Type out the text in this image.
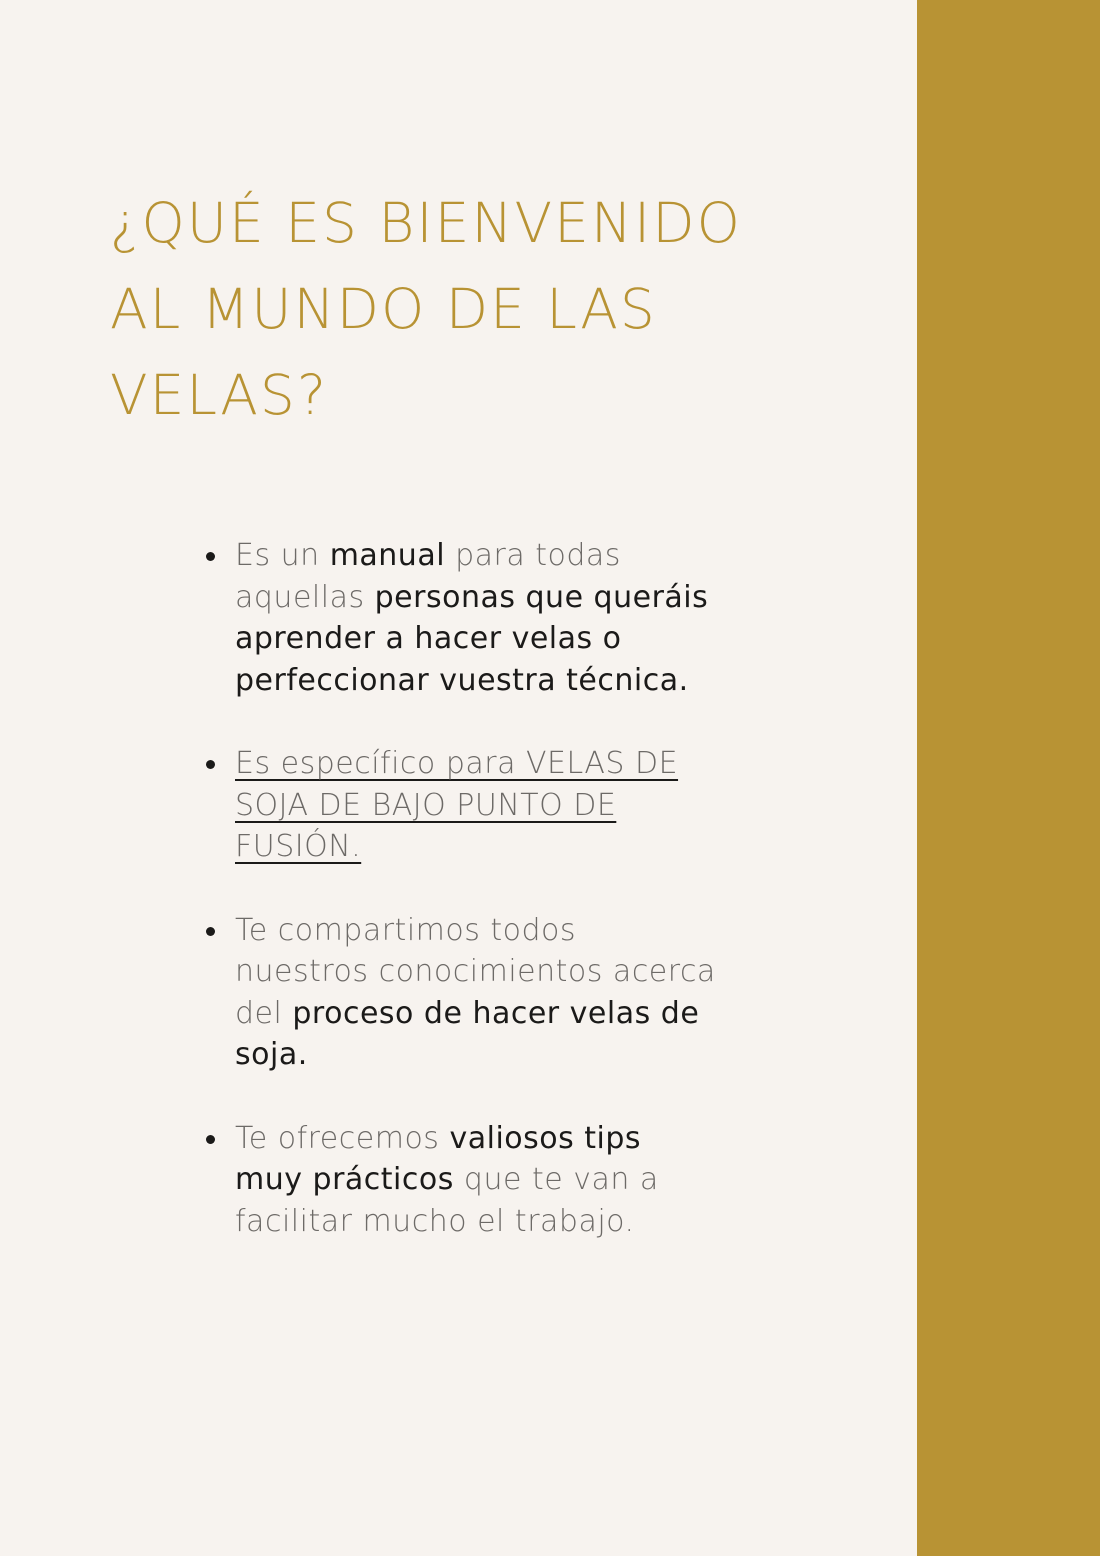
¿QUÉ ES BIENVENIDO
AL MUNDO DE LAS
VELAS?
Es un manual para todas
aquellas personas que queráis
aprender a hacer velas o
perfeccionar vuestra técnica.
Es específico para VELAS DE
SOJA DE BAJO PUNTO DE
FUSIÓN.
Te compartimos todos
nuestros conocimientos acerca
del proceso de hacer velas de
soja.
Te ofrecemos valiosos tips
muy prácticos que te van a
facilitar mucho el trabajo.
